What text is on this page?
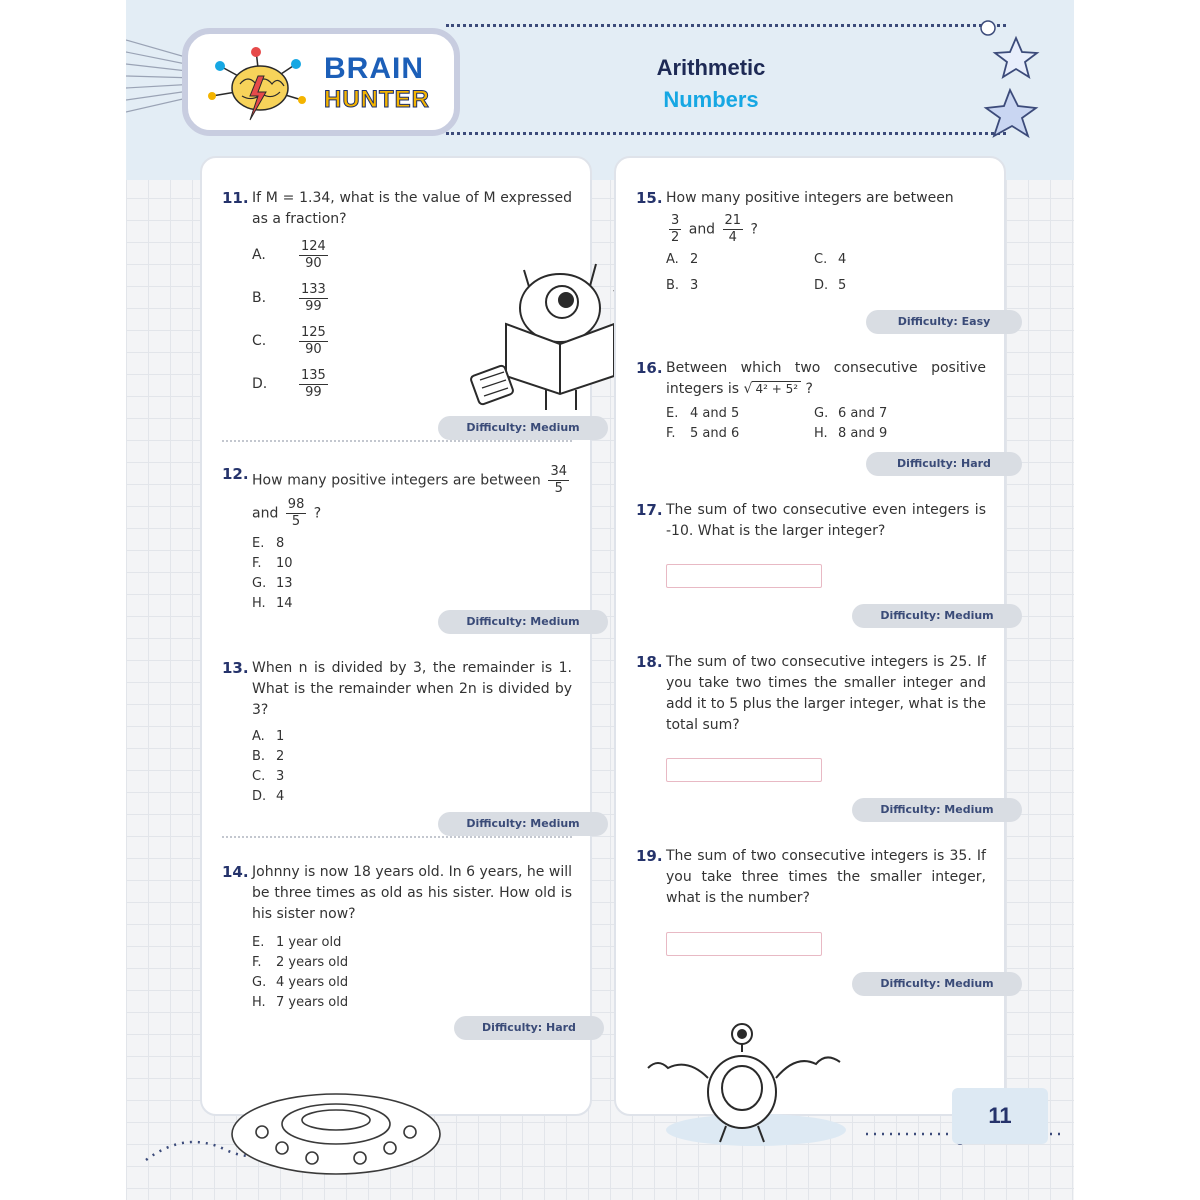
BRAIN
HUNTER
Arithmetic
Numbers
11. If M = 1.34, what is the value of M expressed as a fraction?
A.	$\frac{124}{90}$
B.	$\frac{133}{99}$
C.	$\frac{125}{90}$
D.	$\frac{135}{99}$
Difficulty: Medium
12. How many positive integers are between $\frac{34}{5}$
and $\frac{98}{5}$ ?
E. 8
F.	10
G. 13
H. 14
Difficulty: Medium
13. When n is divided by 3, the remainder is 1. What is the remainder when 2n is divided by 3?
A. 1
B. 2
C. 3
D. 4
Difficulty: Medium
14. Johnny is now 18 years old. In 6 years, he will be three times as old as his sister. How old is his sister now?
E. 1 year old
F.	2 years old
G. 4 years old
H. 7 years old
Difficulty: Hard
15. How many positive integers are between
$\frac{3}{2}$ and $\frac{21}{4}$ ?
A. 2	C. 4
B. 3	D. 5
Difficulty: Easy
16. Between which two consecutive positive integers is √ 4² + 5² ?
E. 4 and 5	G. 6 and 7
F.	5 and 6	H. 8 and 9
Difficulty: Hard
17. The sum of two consecutive even integers is -10. What is the larger integer?
Difficulty: Medium
18. The sum of two consecutive integers is 25. If you take two times the smaller integer and add it to 5 plus the larger integer, what is the total sum?
Difficulty: Medium
19. The sum of two consecutive integers is 35. If you take three times the smaller integer, what is the number?
Difficulty: Medium
11
